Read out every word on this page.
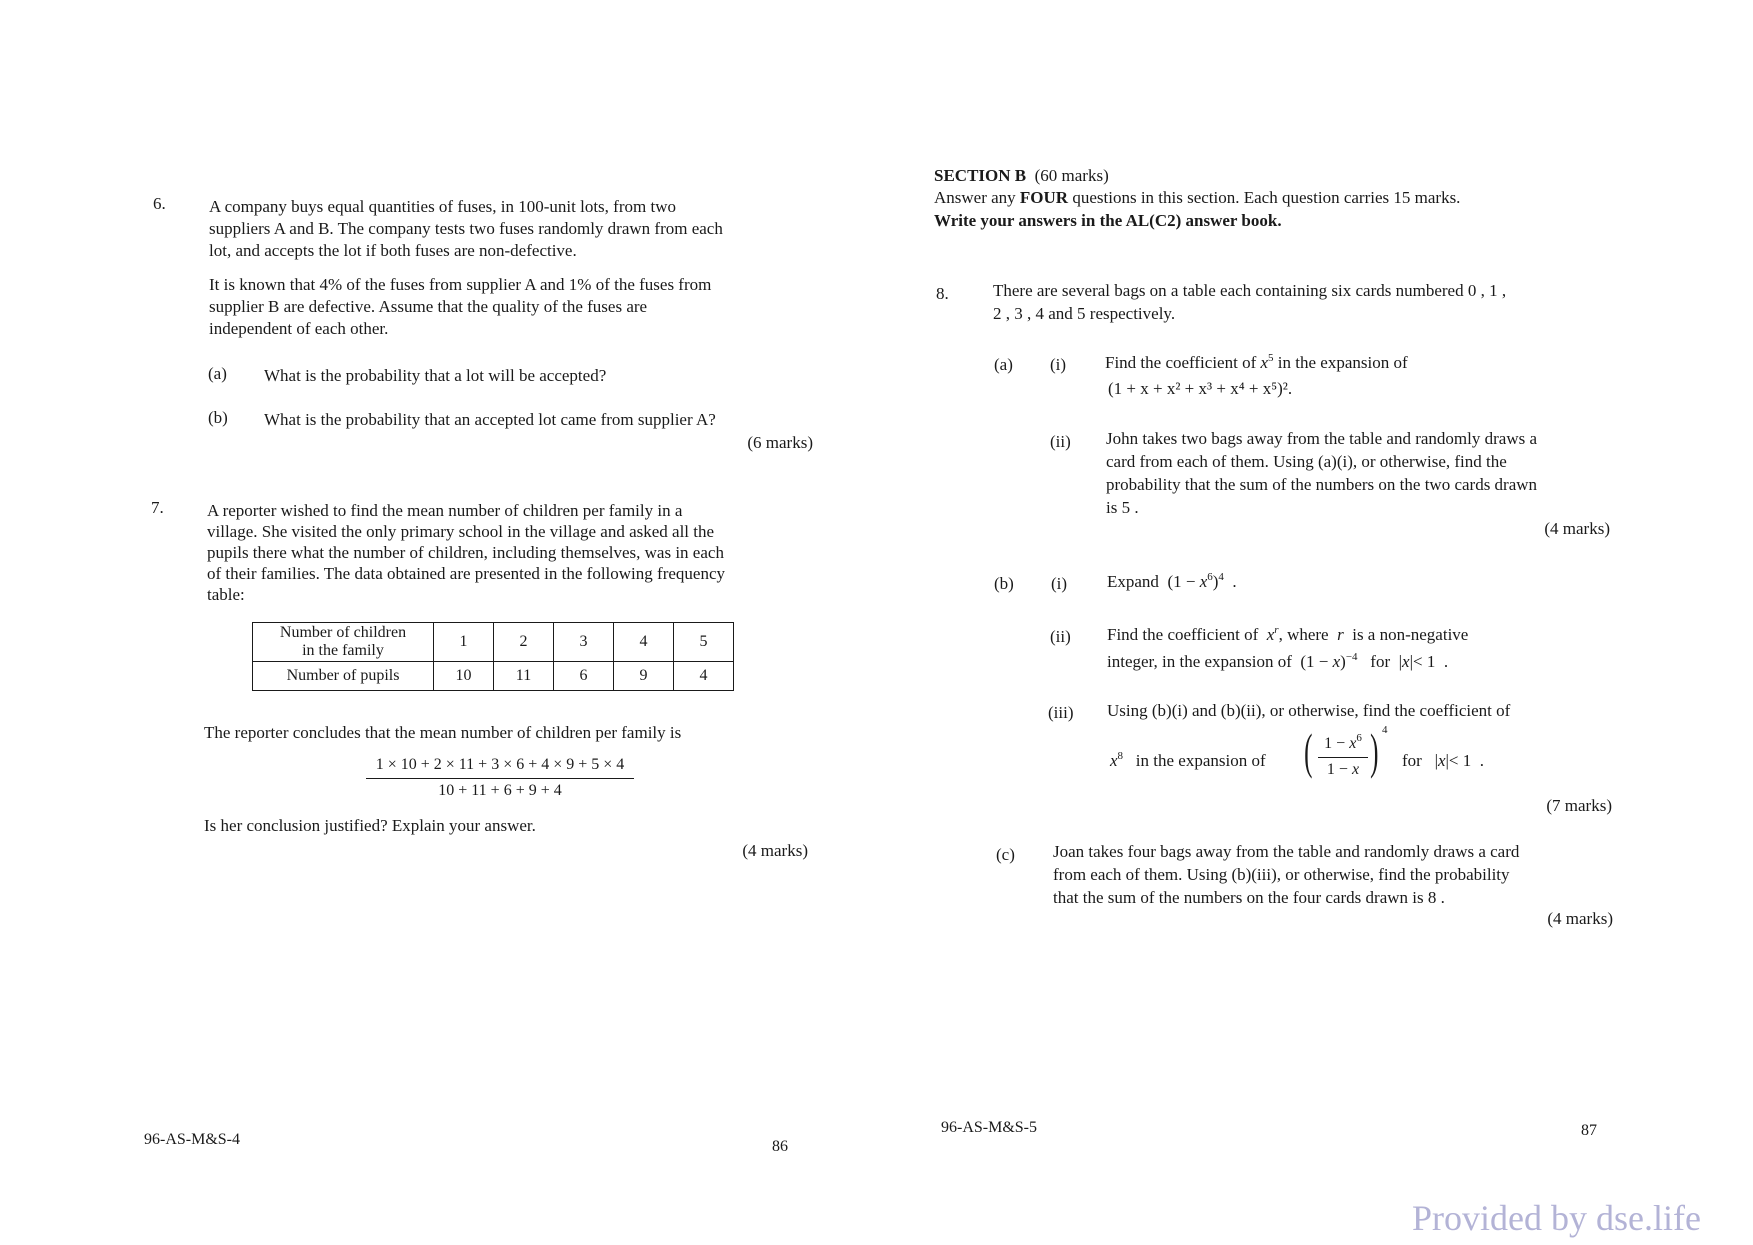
6.	A company buys equal quantities of fuses, in 100-unit lots, from two
suppliers A and B. The company tests two fuses randomly drawn from each
lot, and accepts the lot if both fuses are non-defective.
It is known that 4% of the fuses from supplier A and 1% of the fuses from
supplier B are defective. Assume that the quality of the fuses are
independent of each other.
(a) What is the probability that a lot will be accepted?
(b) What is the probability that an accepted lot came from supplier A?
(6 marks)
7.	A reporter wished to find the mean number of children per family in a
village. She visited the only primary school in the village and asked all the
pupils there what the number of children, including themselves, was in each
of their families. The data obtained are presented in the following frequency
table:
Number of children
in the family	1	2	3	4	5
Number of pupils	10	11	6	9	4
The reporter concludes that the mean number of children per family is
$\frac{1 \times 10 + 2 \times 11 + 3 \times 6 + 4 \times 9 + 5 \times 4}{10 + 11 + 6 + 9 + 4}$
Is her conclusion justified? Explain your answer.
(4 marks)
96-AS-M&S-4	86
SECTION B (60 marks)
Answer any FOUR questions in this section. Each question carries 15 marks.
Write your answers in the AL(C2) answer book.
8.	There are several bags on a table each containing six cards numbered 0 , 1 ,
2 , 3 , 4 and 5 respectively.
(a) (i) Find the coefficient of $x^5$ in the expansion of
(1 + x + x² + x³ + x⁴ + x⁵)².
(ii) John takes two bags away from the table and randomly draws a
card from each of them. Using (a)(i), or otherwise, find the
probability that the sum of the numbers on the two cards drawn
is 5 .
(4 marks)
(b) (i) Expand  $(1 - x^6)^4$  .
(ii) Find the coefficient of $x^r$, where r is a non-negative
integer, in the expansion of  $(1 - x)^{-4}$ for  |x|< 1  .
(iii) Using (b)(i) and (b)(ii), or otherwise, find the coefficient of
$x^8$ in the expansion of ( $\frac{1 - x^6}{1 - x}$ ) 4
for   |x|< 1  .
(7 marks)
(c) Joan takes four bags away from the table and randomly draws a card
from each of them. Using (b)(iii), or otherwise, find the probability
that the sum of the numbers on the four cards drawn is 8 .
(4 marks)
96-AS-M&S-5	87
Provided by dse.life
